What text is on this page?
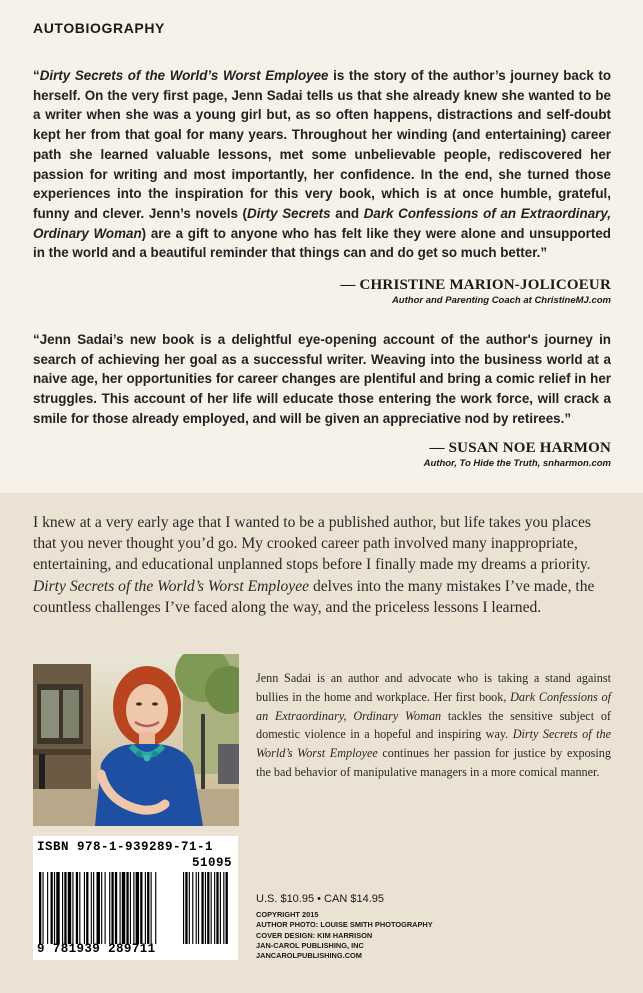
AUTOBIOGRAPHY
“Dirty Secrets of the World’s Worst Employee is the story of the author’s journey back to herself. On the very first page, Jenn Sadai tells us that she already knew she wanted to be a writer when she was a young girl but, as so often happens, distractions and self-doubt kept her from that goal for many years. Throughout her winding (and entertaining) career path she learned valuable lessons, met some unbelievable people, rediscovered her passion for writing and most importantly, her confidence. In the end, she turned those experiences into the inspiration for this very book, which is at once humble, grateful, funny and clever. Jenn’s novels (Dirty Secrets and Dark Confessions of an Extraordinary, Ordinary Woman) are a gift to anyone who has felt like they were alone and unsupported in the world and a beautiful reminder that things can and do get so much better.”
— CHRISTINE MARION-JOLICOEUR
Author and Parenting Coach at ChristineMJ.com
“Jenn Sadai’s new book is a delightful eye-opening account of the author's journey in search of achieving her goal as a successful writer. Weaving into the business world at a naive age, her opportunities for career changes are plentiful and bring a comic relief in her struggles. This account of her life will educate those entering the work force, will crack a smile for those already employed, and will be given an appreciative nod by retirees.”
— SUSAN NOE HARMON
Author, To Hide the Truth, snharmon.com
I knew at a very early age that I wanted to be a published author, but life takes you places that you never thought you’d go. My crooked career path involved many inappropriate, entertaining, and educational unplanned stops before I finally made my dreams a priority. Dirty Secrets of the World’s Worst Employee delves into the many mistakes I’ve made, the countless challenges I’ve faced along the way, and the priceless lessons I learned.
Jenn Sadai is an author and advocate who is taking a stand against bullies in the home and workplace. Her first book, Dark Confessions of an Extraordinary, Ordinary Woman tackles the sensitive subject of domestic violence in a hopeful and inspiring way. Dirty Secrets of the World’s Worst Employee continues her passion for justice by exposing the bad behavior of manipulative managers in a more comical manner.
ISBN 978-1-939289-71-1
51095
9 781939 289711
U.S. $10.95 • CAN $14.95
COPYRIGHT 2015
AUTHOR PHOTO: LOUISE SMITH PHOTOGRAPHY
COVER DESIGN: KIM HARRISON
JAN-CAROL PUBLISHING, INC
JANCAROLPUBLISHING.COM
